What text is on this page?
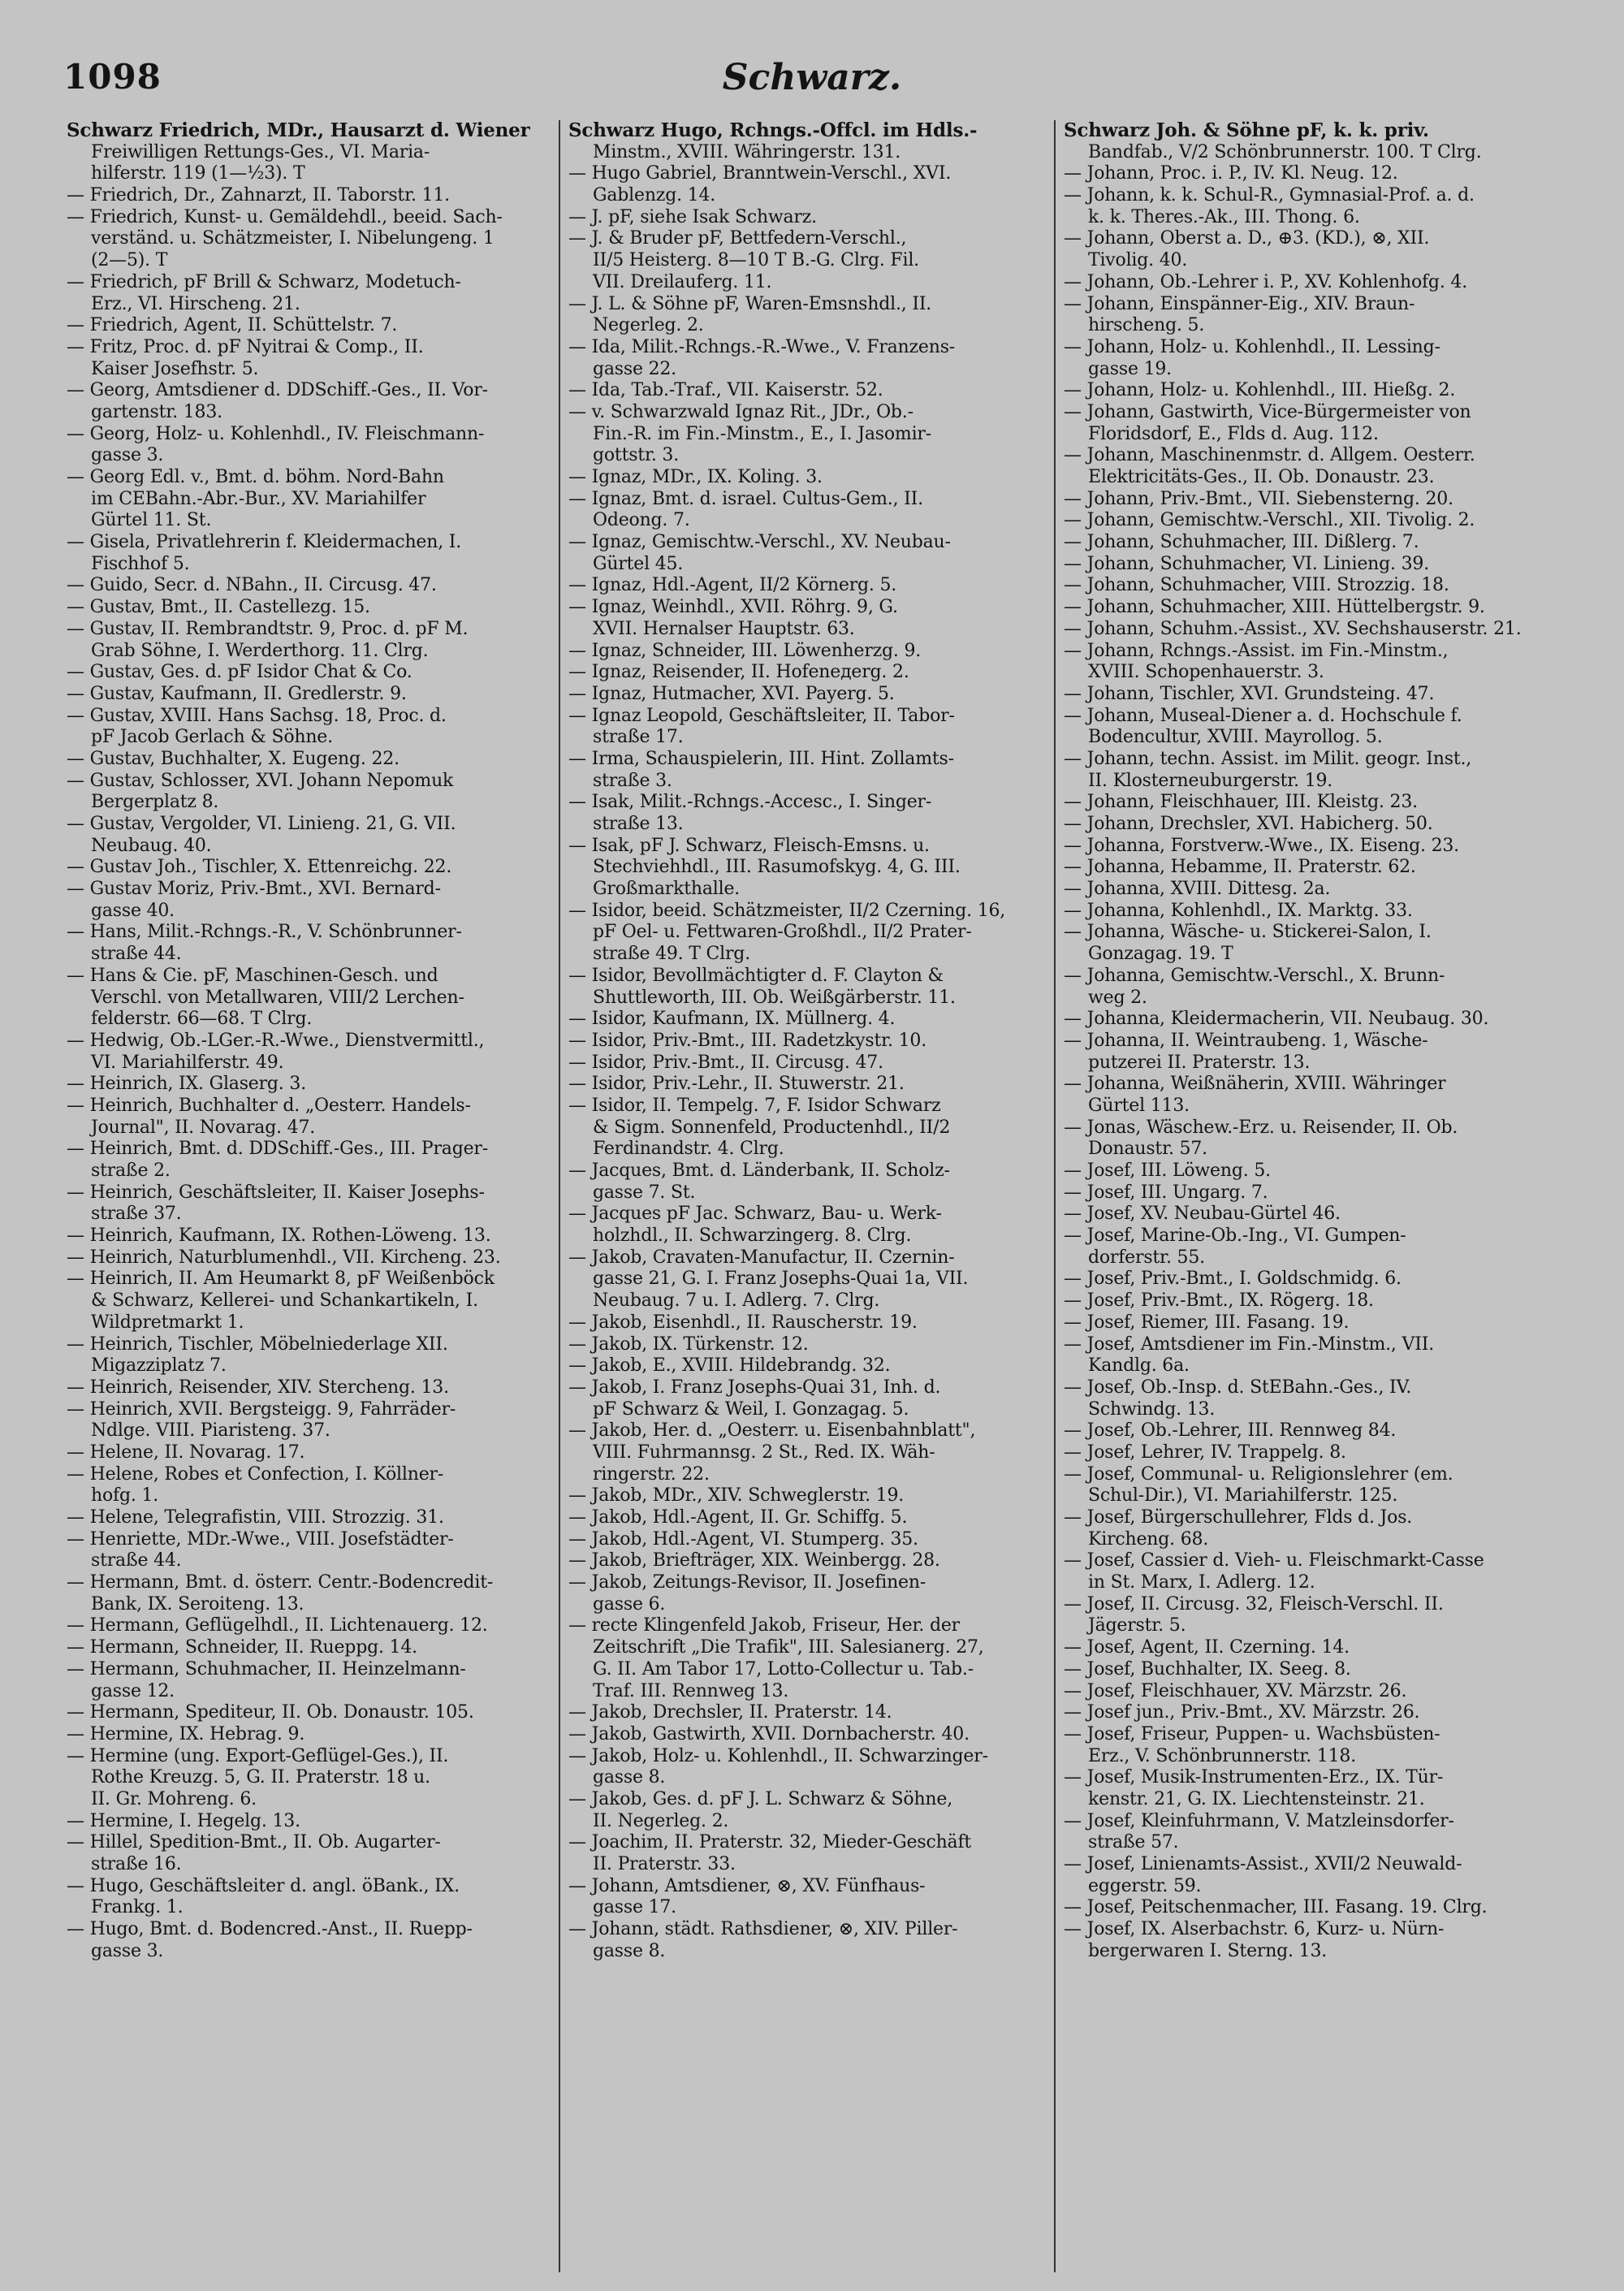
1098	Schwarz.
Schwarz Friedrich, MDr., Hausarzt d. Wiener
Freiwilligen Rettungs-Ges., VI. Maria-
hilferstr. 119 (1—½3). T
— Friedrich, Dr., Zahnarzt, II. Taborstr. 11.
— Friedrich, Kunst- u. Gemäldehdl., beeid. Sach-
verständ. u. Schätzmeister, I. Nibelungeng. 1
(2—5). T
— Friedrich, pF Brill & Schwarz, Modetuch-
Erz., VI. Hirscheng. 21.
— Friedrich, Agent, II. Schüttelstr. 7.
— Fritz, Proc. d. pF Nyitrai & Comp., II.
Kaiser Josefhstr. 5.
— Georg, Amtsdiener d. DDSchiff.-Ges., II. Vor-
gartenstr. 183.
— Georg, Holz- u. Kohlenhdl., IV. Fleischmann-
gasse 3.
— Georg Edl. v., Bmt. d. böhm. Nord-Bahn
im CEBahn.-Abr.-Bur., XV. Mariahilfer
Gürtel 11. St.
— Gisela, Privatlehrerin f. Kleidermachen, I.
Fischhof 5.
— Guido, Secr. d. NBahn., II. Circusg. 47.
— Gustav, Bmt., II. Castellezg. 15.
— Gustav, II. Rembrandtstr. 9, Proc. d. pF M.
Grab Söhne, I. Werderthorg. 11. Clrg.
— Gustav, Ges. d. pF Isidor Chat & Co.
— Gustav, Kaufmann, II. Gredlerstr. 9.
— Gustav, XVIII. Hans Sachsg. 18, Proc. d.
pF Jacob Gerlach & Söhne.
— Gustav, Buchhalter, X. Eugeng. 22.
— Gustav, Schlosser, XVI. Johann Nepomuk
Bergerplatz 8.
— Gustav, Vergolder, VI. Linieng. 21, G. VII.
Neubaug. 40.
— Gustav Joh., Tischler, X. Ettenreichg. 22.
— Gustav Moriz, Priv.-Bmt., XVI. Bernard-
gasse 40.
— Hans, Milit.-Rchngs.-R., V. Schönbrunner-
straße 44.
— Hans & Cie. pF, Maschinen-Gesch. und
Verschl. von Metallwaren, VIII/2 Lerchen-
felderstr. 66—68. T Clrg.
— Hedwig, Ob.-LGer.-R.-Wwe., Dienstvermittl.,
VI. Mariahilferstr. 49.
— Heinrich, IX. Glaserg. 3.
— Heinrich, Buchhalter d. „Oesterr. Handels-
Journal", II. Novarag. 47.
— Heinrich, Bmt. d. DDSchiff.-Ges., III. Prager-
straße 2.
— Heinrich, Geschäftsleiter, II. Kaiser Josephs-
straße 37.
— Heinrich, Kaufmann, IX. Rothen-Löweng. 13.
— Heinrich, Naturblumenhdl., VII. Kircheng. 23.
— Heinrich, II. Am Heumarkt 8, pF Weißenböck
& Schwarz, Kellerei- und Schankartikeln, I.
Wildpretmarkt 1.
— Heinrich, Tischler, Möbelniederlage XII.
Migazziplatz 7.
— Heinrich, Reisender, XIV. Sterchеng. 13.
— Heinrich, XVII. Bergsteigg. 9, Fahrräder-
Ndlge. VIII. Piaristeng. 37.
— Helene, II. Novarag. 17.
— Helene, Robes et Confection, I. Köllner-
hofg. 1.
— Helene, Telegrafistin, VIII. Strozzig. 31.
— Henriette, MDr.-Wwe., VIII. Josefstädter-
straße 44.
— Hermann, Bmt. d. österr. Centr.-Bodencredit-
Bank, IX. Seroiteng. 13.
— Hermann, Geflügelhdl., II. Lichtenauerg. 12.
— Hermann, Schneider, II. Rueppg. 14.
— Hermann, Schuhmacher, II. Heinzelmann-
gasse 12.
— Hermann, Spediteur, II. Ob. Donaustr. 105.
— Hermine, IX. Hebrag. 9.
— Hermine (ung. Export-Geflügel-Ges.), II.
Rothe Kreuzg. 5, G. II. Praterstr. 18 u.
II. Gr. Mohreng. 6.
— Hermine, I. Hegelg. 13.
— Hillel, Spedition-Bmt., II. Ob. Augarter-
straße 16.
— Hugo, Geschäftsleiter d. angl. öBank., IX.
Frankg. 1.
— Hugo, Bmt. d. Bodencred.-Anst., II. Ruepp-
gasse 3.
Schwarz Hugo, Rchngs.-Offcl. im Hdls.-
Minstm., XVIII. Währingerstr. 131.
— Hugo Gabriel, Branntwein-Verschl., XVI.
Gablenzg. 14.
— J. pF, siehe Isak Schwarz.
— J. & Bruder pF, Bettfedern-Verschl.,
II/5 Heisterg. 8—10 T B.-G. Clrg. Fil.
VII. Dreilauferg. 11.
— J. L. & Söhne pF, Waren-Emsnshdl., II.
Negerleg. 2.
— Ida, Milit.-Rchngs.-R.-Wwe., V. Franzens-
gasse 22.
— Ida, Tab.-Traf., VII. Kaiserstr. 52.
— v. Schwarzwald Ignaz Rit., JDr., Ob.-
Fin.-R. im Fin.-Minstm., E., I. Jasomir-
gottstr. 3.
— Ignaz, MDr., IX. Koling. 3.
— Ignaz, Bmt. d. israel. Cultus-Gem., II.
Odeong. 7.
— Ignaz, Gemischtw.-Verschl., XV. Neubau-
Gürtel 45.
— Ignaz, Hdl.-Agent, II/2 Körnerg. 5.
— Ignaz, Weinhdl., XVII. Röhrg. 9, G.
XVII. Hernalser Hauptstr. 63.
— Ignaz, Schneider, III. Löwenherzg. 9.
— Ignaz, Reisender, II. Hofeneдerg. 2.
— Ignaz, Hutmacher, XVI. Payerg. 5.
— Ignaz Leopold, Geschäftsleiter, II. Tabor-
straße 17.
— Irma, Schauspielerin, III. Hint. Zollamts-
straße 3.
— Isak, Milit.-Rchngs.-Accesс., I. Singer-
straße 13.
— Isak, pF J. Schwarz, Fleisch-Emsns. u.
Stechviehhdl., III. Rasumofskyg. 4, G. III.
Großmarkthalle.
— Isidor, beeid. Schätzmeister, II/2 Czerning. 16,
pF Oel- u. Fettwaren-Großhdl., II/2 Prater-
straße 49. T Clrg.
— Isidor, Bevollmächtigter d. F. Clayton &
Shuttleworth, III. Ob. Weißgärberstr. 11.
— Isidor, Kaufmann, IX. Müllnerg. 4.
— Isidor, Priv.-Bmt., III. Radetzkystr. 10.
— Isidor, Priv.-Bmt., II. Circusg. 47.
— Isidor, Priv.-Lehr., II. Stuwerstr. 21.
— Isidor, II. Tempelg. 7, F. Isidor Schwarz
& Sigm. Sonnenfeld, Productenhdl., II/2
Ferdinandstr. 4. Clrg.
— Jacques, Bmt. d. Länderbank, II. Scholz-
gasse 7. St.
— Jacques pF Jac. Schwarz, Bau- u. Werk-
holzhdl., II. Schwarzingerg. 8. Clrg.
— Jakob, Cravaten-Manufactur, II. Czernin-
gasse 21, G. I. Franz Josephs-Quai 1a, VII.
Neubaug. 7 u. I. Adlerg. 7. Clrg.
— Jakob, Eisenhdl., II. Rauscherstr. 19.
— Jakob, IX. Türkenstr. 12.
— Jakob, E., XVIII. Hildebrandg. 32.
— Jakob, I. Franz Josephs-Quai 31, Inh. d.
pF Schwarz & Weil, I. Gonzagag. 5.
— Jakob, Her. d. „Oesterr. u. Eisenbahnblatt",
VIII. Fuhrmannsg. 2 St., Red. IX. Wäh-
ringerstr. 22.
— Jakob, MDr., XIV. Schweglerstr. 19.
— Jakob, Hdl.-Agent, II. Gr. Schiffg. 5.
— Jakob, Hdl.-Agent, VI. Stumperg. 35.
— Jakob, Briefträger, XIX. Weinbergg. 28.
— Jakob, Zeitungs-Revisor, II. Josefinen-
gasse 6.
— recte Klingenfeld Jakob, Friseur, Her. der
Zeitschrift „Die Trafik", III. Salesianerg. 27,
G. II. Am Tabor 17, Lotto-Collectur u. Tab.-
Traf. III. Rennweg 13.
— Jakob, Drechsler, II. Praterstr. 14.
— Jakob, Gastwirth, XVII. Dornbacherstr. 40.
— Jakob, Holz- u. Kohlenhdl., II. Schwarzinger-
gasse 8.
— Jakob, Ges. d. pF J. L. Schwarz & Söhne,
II. Negerleg. 2.
— Joachim, II. Praterstr. 32, Mieder-Geschäft
II. Praterstr. 33.
— Johann, Amtsdiener, ⊗, XV. Fünfhaus-
gasse 17.
— Johann, städt. Rathsdiener, ⊗, XIV. Piller-
gasse 8.
Schwarz Joh. & Söhne pF, k. k. priv.
Bandfab., V/2 Schönbrunnerstr. 100. T Clrg.
— Johann, Proc. i. P., IV. Kl. Neug. 12.
— Johann, k. k. Schul-R., Gymnasial-Prof. a. d.
k. k. Theres.-Ak., III. Thong. 6.
— Johann, Oberst a. D., ⊕3. (KD.), ⊗, XII.
Tivolig. 40.
— Johann, Ob.-Lehrer i. P., XV. Kohlenhofg. 4.
— Johann, Einspänner-Eig., XIV. Braun-
hirscheng. 5.
— Johann, Holz- u. Kohlenhdl., II. Lessing-
gasse 19.
— Johann, Holz- u. Kohlenhdl., III. Hießg. 2.
— Johann, Gastwirth, Vice-Bürgermeister von
Floridsdorf, E., Flds d. Aug. 112.
— Johann, Maschinenmstr. d. Allgem. Oesterr.
Elektricitäts-Ges., II. Ob. Donaustr. 23.
— Johann, Priv.-Bmt., VII. Siebensterng. 20.
— Johann, Gemischtw.-Verschl., XII. Tivolig. 2.
— Johann, Schuhmacher, III. Dißlerg. 7.
— Johann, Schuhmacher, VI. Linieng. 39.
— Johann, Schuhmacher, VIII. Strozzig. 18.
— Johann, Schuhmacher, XIII. Hüttelbergstr. 9.
— Johann, Schuhm.-Assist., XV. Sechshauserstr. 21.
— Johann, Rchngs.-Assist. im Fin.-Minstm.,
XVIII. Schopenhauerstr. 3.
— Johann, Tischler, XVI. Grundsteing. 47.
— Johann, Museal-Diener a. d. Hochschule f.
Bodencultur, XVIII. Mayrollog. 5.
— Johann, techn. Assist. im Milit. geogr. Inst.,
II. Klosterneuburgerstr. 19.
— Johann, Fleischhauer, III. Kleistg. 23.
— Johann, Drechsler, XVI. Habicherg. 50.
— Johanna, Forstverw.-Wwe., IX. Eiseng. 23.
— Johanna, Hebamme, II. Praterstr. 62.
— Johanna, XVIII. Dittesg. 2a.
— Johanna, Kohlenhdl., IX. Marktg. 33.
— Johanna, Wäsche- u. Stickerei-Salon, I.
Gonzagag. 19. T
— Johanna, Gemischtw.-Verschl., X. Brunn-
weg 2.
— Johanna, Kleidermacherin, VII. Neubaug. 30.
— Johanna, II. Weintraubeng. 1, Wäsche-
putzerei II. Praterstr. 13.
— Johanna, Weißnäherin, XVIII. Währinger
Gürtel 113.
— Jonas, Wäschew.-Erz. u. Reisender, II. Ob.
Donaustr. 57.
— Josef, III. Löweng. 5.
— Josef, III. Ungarg. 7.
— Josef, XV. Neubau-Gürtel 46.
— Josef, Marine-Ob.-Ing., VI. Gumpen-
dorferstr. 55.
— Josef, Priv.-Bmt., I. Goldschmidg. 6.
— Josef, Priv.-Bmt., IX. Rögerg. 18.
— Josef, Riemer, III. Fasang. 19.
— Josef, Amtsdiener im Fin.-Minstm., VII.
Kandlg. 6a.
— Josef, Ob.-Insp. d. StEBahn.-Ges., IV.
Schwindg. 13.
— Josef, Ob.-Lehrer, III. Rennweg 84.
— Josef, Lehrer, IV. Trappelg. 8.
— Josef, Communal- u. Religionslehrer (em.
Schul-Dir.), VI. Mariahilferstr. 125.
— Josef, Bürgerschullehrer, Flds d. Jos.
Kircheng. 68.
— Josef, Cassier d. Vieh- u. Fleischmarkt-Casse
in St. Marx, I. Adlerg. 12.
— Josef, II. Circusg. 32, Fleisch-Verschl. II.
Jägerstr. 5.
— Josef, Agent, II. Czerning. 14.
— Josef, Buchhalter, IX. Seeg. 8.
— Josef, Fleischhauer, XV. Märzstr. 26.
— Josef jun., Priv.-Bmt., XV. Märzstr. 26.
— Josef, Friseur, Puppen- u. Wachsbüsten-
Erz., V. Schönbrunnerstr. 118.
— Josef, Musik-Instrumenten-Erz., IX. Tür-
kenstr. 21, G. IX. Liechtensteinstr. 21.
— Josef, Kleinfuhrmann, V. Matzleinsdorfer-
straße 57.
— Josef, Linienamts-Assist., XVII/2 Neuwald-
eggerstr. 59.
— Josef, Peitschenmacher, III. Fasang. 19. Clrg.
— Josef, IX. Alserbachstr. 6, Kurz- u. Nürn-
bergerwaren I. Sterng. 13.
